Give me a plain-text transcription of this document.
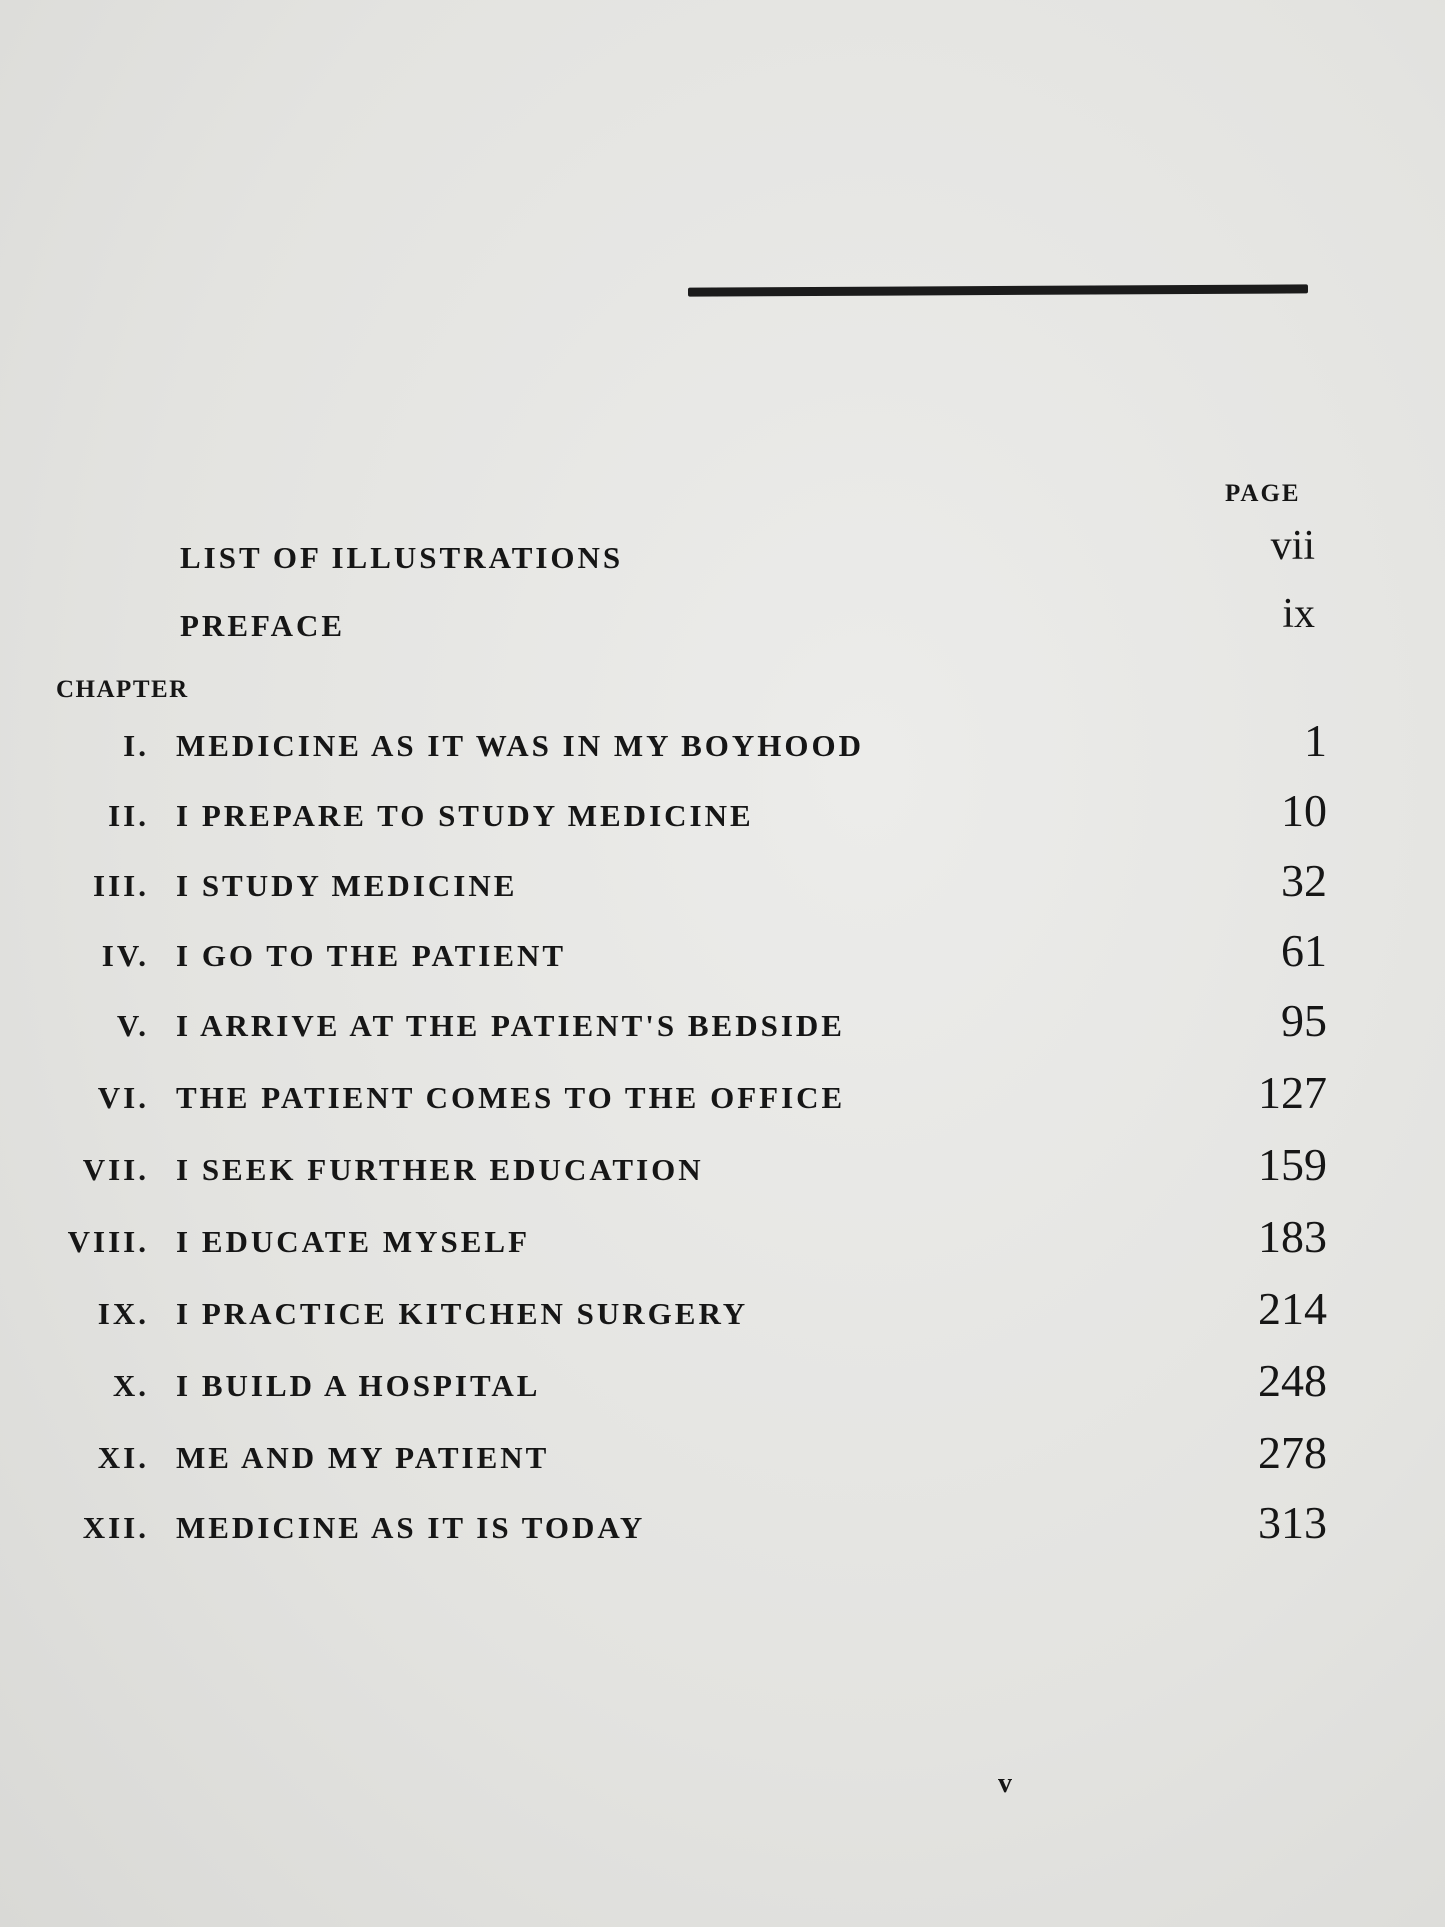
PAGE
LIST OF ILLUSTRATIONS	vii
PREFACE	ix
CHAPTER
I. MEDICINE AS IT WAS IN MY BOYHOOD	1
II. I PREPARE TO STUDY MEDICINE	10
III. I STUDY MEDICINE	32
IV. I GO TO THE PATIENT	61
V. I ARRIVE AT THE PATIENT'S BEDSIDE	95
VI. THE PATIENT COMES TO THE OFFICE	127
VII. I SEEK FURTHER EDUCATION	159
VIII. I EDUCATE MYSELF	183
IX. I PRACTICE KITCHEN SURGERY	214
X. I BUILD A HOSPITAL	248
XI. ME AND MY PATIENT	278
XII. MEDICINE AS IT IS TODAY	313
v
